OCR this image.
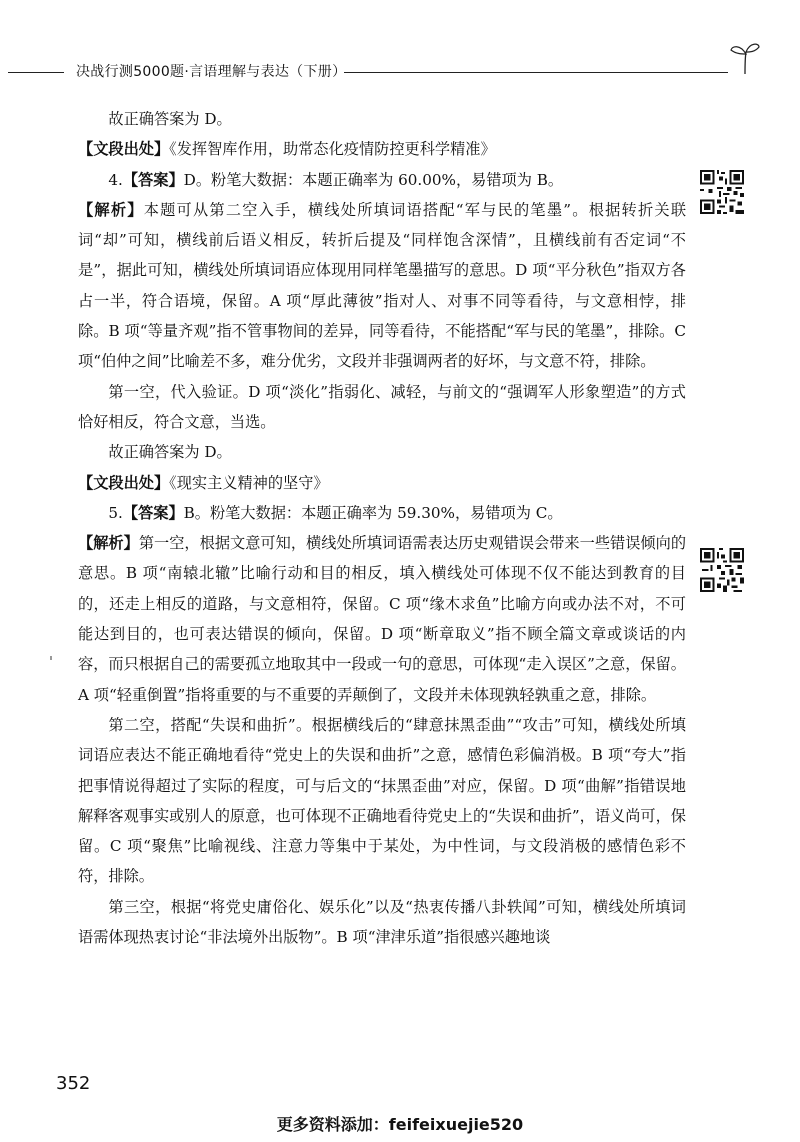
决战行测5000题·言语理解与表达（下册）

故正确答案为 D。

【文段出处】《发挥智库作用，助常态化疫情防控更科学精准》

4.【答案】D。粉笔大数据：本题正确率为 60.00%，易错项为 B。

【解析】本题可从第二空入手，横线处所填词语搭配“军与民的笔墨”。根据转折关联词“却”可知，横线前后语义相反，转折后提及“同样饱含深情”，且横线前有否定词“不是”，据此可知，横线处所填词语应体现用同样笔墨描写的意思。D 项“平分秋色”指双方各占一半，符合语境，保留。A 项“厚此薄彼”指对人、对事不同等看待，与文意相悖，排除。B 项“等量齐观”指不管事物间的差异，同等看待，不能搭配“军与民的笔墨”，排除。C 项“伯仲之间”比喻差不多，难分优劣，文段并非强调两者的好坏，与文意不符，排除。

第一空，代入验证。D 项“淡化”指弱化、减轻，与前文的“强调军人形象塑造”的方式恰好相反，符合文意，当选。

故正确答案为 D。

【文段出处】《现实主义精神的坚守》

5.【答案】B。粉笔大数据：本题正确率为 59.30%，易错项为 C。

【解析】第一空，根据文意可知，横线处所填词语需表达历史观错误会带来一些错误倾向的意思。B 项“南辕北辙”比喻行动和目的相反，填入横线处可体现不仅不能达到教育的目的，还走上相反的道路，与文意相符，保留。C 项“缘木求鱼”比喻方向或办法不对，不可能达到目的，也可表达错误的倾向，保留。D 项“断章取义”指不顾全篇文章或谈话的内容，而只根据自己的需要孤立地取其中一段或一句的意思，可体现“走入误区”之意，保留。A 项“轻重倒置”指将重要的与不重要的弄颠倒了，文段并未体现孰轻孰重之意，排除。

第二空，搭配“失误和曲折”。根据横线后的“肆意抹黑歪曲”“攻击”可知，横线处所填词语应表达不能正确地看待“党史上的失误和曲折”之意，感情色彩偏消极。B 项“夸大”指把事情说得超过了实际的程度，可与后文的“抹黑歪曲”对应，保留。D 项“曲解”指错误地解释客观事实或别人的原意，也可体现不正确地看待党史上的“失误和曲折”，语义尚可，保留。C 项“聚焦”比喻视线、注意力等集中于某处，为中性词，与文段消极的感情色彩不符，排除。

第三空，根据“将党史庸俗化、娱乐化”以及“热衷传播八卦轶闻”可知，横线处所填词语需体现热衷讨论“非法境外出版物”。B 项“津津乐道”指很感兴趣地谈

352
更多资料添加：feifeixuejie520
